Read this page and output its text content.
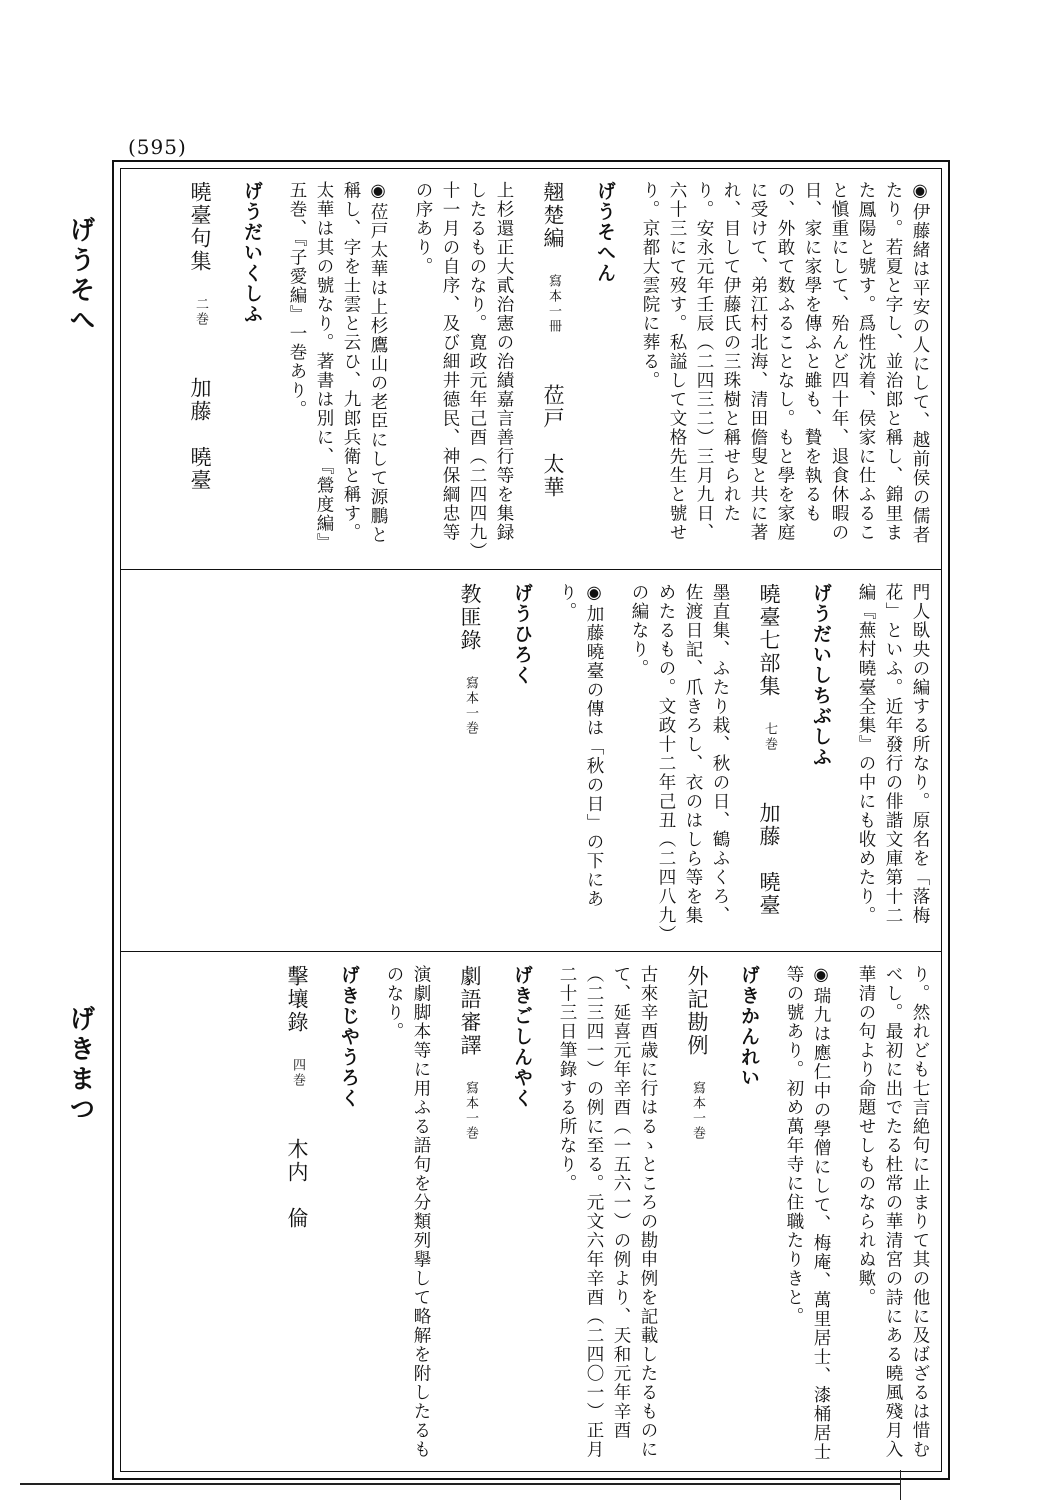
(595)
げうそへ
げきまつ
◉伊藤緒は平安の人にして、越前侯の儒者たり。若夏と字し、並治郎と稱し、錦里また鳳陽と號す。爲性沈着、侯家に仕ふること愼重にして、殆んど四十年、退食休暇の日、家に家學を傳ふと雖も、贄を執るもの、外敢て数ふることなし。もと學を家庭に受けて、弟江村北海、清田儋叟と共に著れ、目して伊藤氏の三珠樹と稱せられたり。安永元年壬辰（二四三二）三月九日、六十三にて歿す。私謚して文格先生と號せり。京都大雲院に葬る。
げうそへん
翹楚編寫本一冊莅戸　太華
上杉還正大貳治憲の治績嘉言善行等を集録したるものなり。寛政元年己酉（二四四九）十一月の自序、及び細井德民、神保綱忠等の序あり。
◉莅戸太華は上杉鷹山の老臣にして源鵬と稱し、字を士雲と云ひ、九郎兵衛と稱す。太華は其の號なり。著書は別に、『鶯度編』五巻、『子愛編』一巻あり。
げうだいくしふ
曉臺句集二巻加藤　曉臺
門人臥央の編する所なり。原名を「落梅花」といふ。近年發行の俳諧文庫第十二編『蕪村曉臺全集』の中にも收めたり。
げうだいしちぶしふ
曉臺七部集七巻加藤　曉臺
墨直集、ふたり栽、秋の日、鶴ふくろ、佐渡日記、爪きろし、衣のはしら等を集めたるもの。文政十二年己丑（二四八九）の編なり。
◉加藤曉臺の傳は「秋の日」の下にあり。
げうひろく
教匪錄寫本一巻
り。然れども七言絶句に止まりて其の他に及ばざるは惜むべし。最初に出でたる杜常の華清宮の詩にある曉風殘月入華清の句より命題せしものなられぬ歟。
◉瑞九は應仁中の學僧にして、梅庵、萬里居士、漆桶居士等の號あり。初め萬年寺に住職たりきと。
げきかんれい
外記勘例寫本一巻
古來辛酉歳に行はるゝところの勘申例を記載したるものにて、延喜元年辛酉（一五六一）の例より、天和元年辛酉（二三四一）の例に至る。元文六年辛酉（二四〇一）正月二十三日筆錄する所なり。
げきごしんやく
劇語審譯寫本一巻
演劇脚本等に用ふる語句を分類列擧して略解を附したるものなり。
げきじやうろく
擊壤錄四巻木内　倫
